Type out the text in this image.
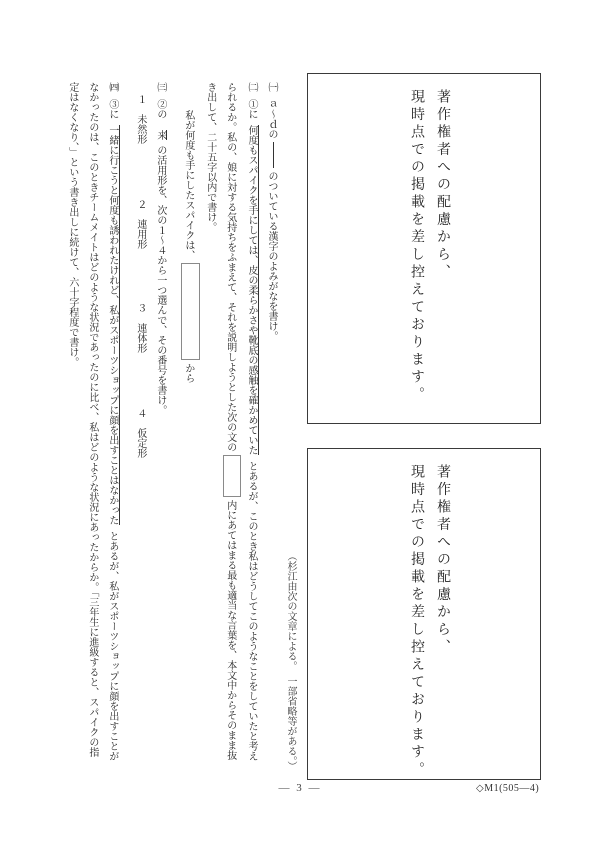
㈠ａ〜ｄののついている漢字のよみがなを書け。
㈡①に何度もスパイクを手にしては、皮の柔らかさや靴底の感触を確かめていたとあるが、このとき私はどうしてこのようなことをしていたと考えられるか。私の、娘に対する気持ちをふまえて、それを説明しようとした次の文の内にあてはまる最も適当な言葉を、本文中からそのまま抜き出して、二十五字以内で書け。
私が何度も手にしたスパイクは、から
㈢②の来の活用形を、次の１〜４から一つ選んで、その番号を書け。
１　未然形 ２　連用形 ３　連体形 ４　仮定形
㈣③に一緒に行こうと何度も誘われたけれど、私がスポーツショップに顔を出すことはなかったとあるが、私がスポーツショップに顔を出すことがなかったのは、このときチームメイトはどのような状況であったのに比べ、私はどのような状況にあったからか。「三年生に進級すると、スパイクの指定はなくなり、」という書き出しに続けて、六十字程度で書け。	著作権者への配慮から、
現時点での掲載を差し控えております。
著作権者への配慮から、
現時点での掲載を差し控えております。
（杉江由次の文章による。　一部省略等がある。）
― 3 ―	◇M1(505―4)
